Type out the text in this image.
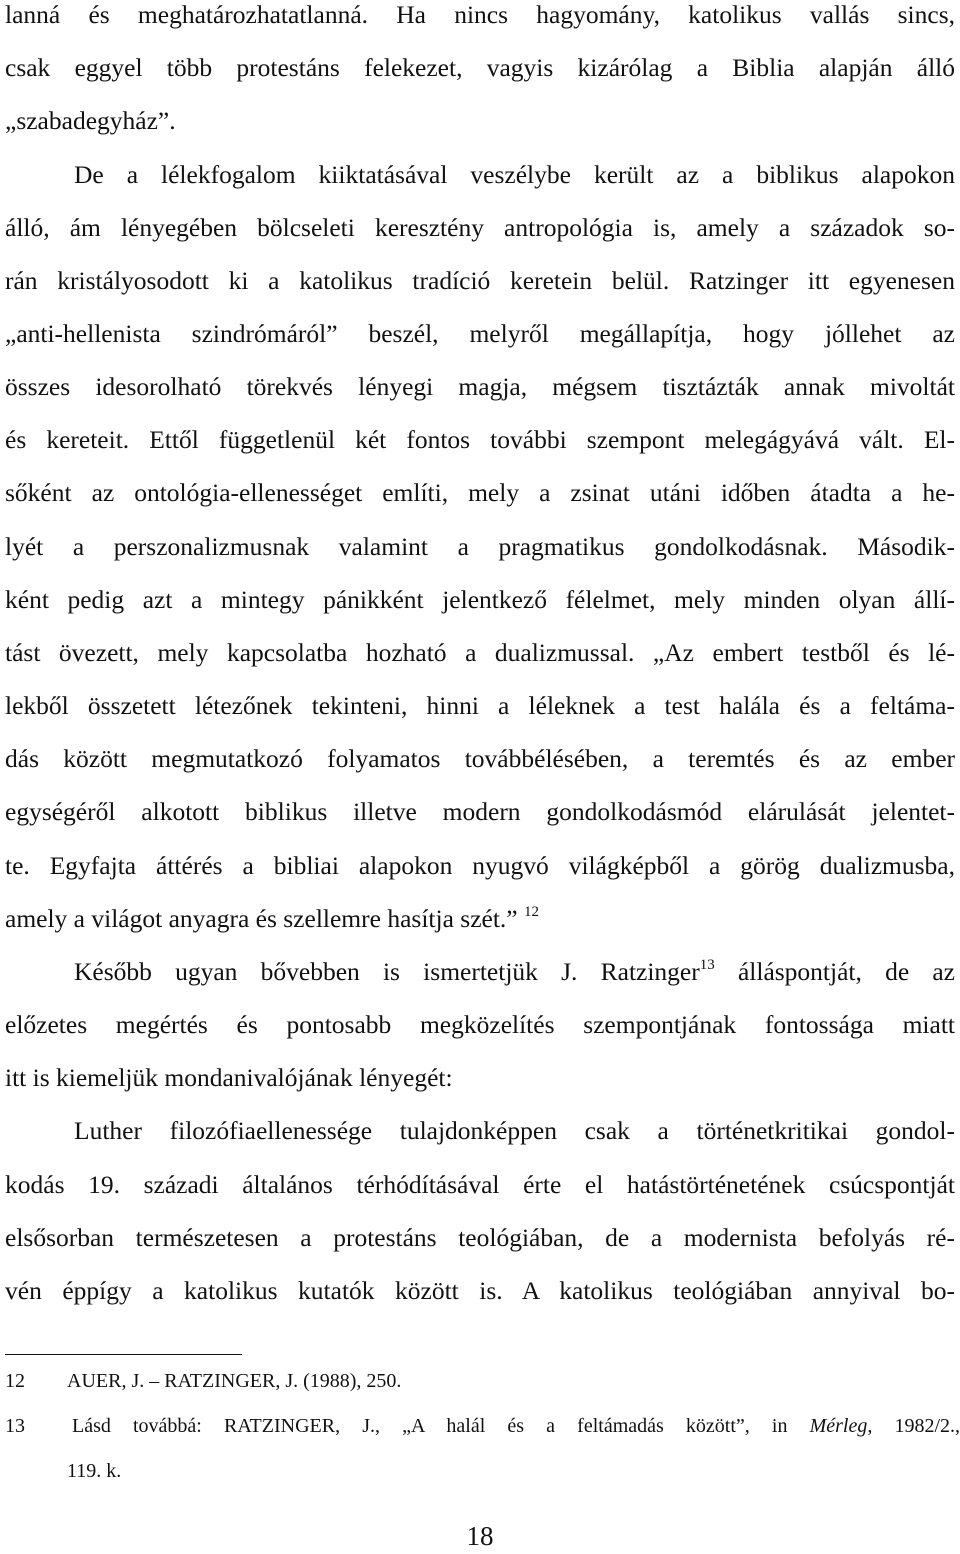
lanná és meghatározhatatlanná. Ha nincs hagyomány, katolikus vallás sincs,
csak eggyel több protestáns felekezet, vagyis kizárólag a Biblia alapján álló
„szabadegyház”.
De a lélekfogalom kiiktatásával veszélybe került az a biblikus alapokon
álló, ám lényegében bölcseleti keresztény antropológia is, amely a századok so-
rán kristályosodott ki a katolikus tradíció keretein belül. Ratzinger itt egyenesen
„anti-hellenista szindrómáról” beszél, melyről megállapítja, hogy jóllehet az
összes idesorolható törekvés lényegi magja, mégsem tisztázták annak mivoltát
és kereteit. Ettől függetlenül két fontos további szempont melegágyává vált. El-
sőként az ontológia-ellenességet említi, mely a zsinat utáni időben átadta a he-
lyét a perszonalizmusnak valamint a pragmatikus gondolkodásnak. Második-
ként pedig azt a mintegy pánikként jelentkező félelmet, mely minden olyan állí-
tást övezett, mely kapcsolatba hozható a dualizmussal. „Az embert testből és lé-
lekből összetett létezőnek tekinteni, hinni a léleknek a test halála és a feltáma-
dás között megmutatkozó folyamatos továbbélésében, a teremtés és az ember
egységéről alkotott biblikus illetve modern gondolkodásmód elárulását jelentet-
te. Egyfajta áttérés a bibliai alapokon nyugvó világképből a görög dualizmusba,
amely a világot anyagra és szellemre hasítja szét.” $^{12}$
Később ugyan bővebben is ismertetjük J. Ratzinger$^{13}$ álláspontját, de az
előzetes megértés és pontosabb megközelítés szempontjának fontossága miatt
itt is kiemeljük mondanivalójának lényegét:
Luther filozófiaellenessége tulajdonképpen csak a történetkritikai gondol-
kodás 19. századi általános térhódításával érte el hatástörténetének csúcspontját
elsősorban természetesen a protestáns teológiában, de a modernista befolyás ré-
vén éppígy a katolikus kutatók között is. A katolikus teológiában annyival bo-
12 AUER, J. – RATZINGER, J. (1988), 250.
13 Lásd továbbá: RATZINGER, J., „A halál és a feltámadás között”, in Mérleg, 1982/2.,
119. k.
18
